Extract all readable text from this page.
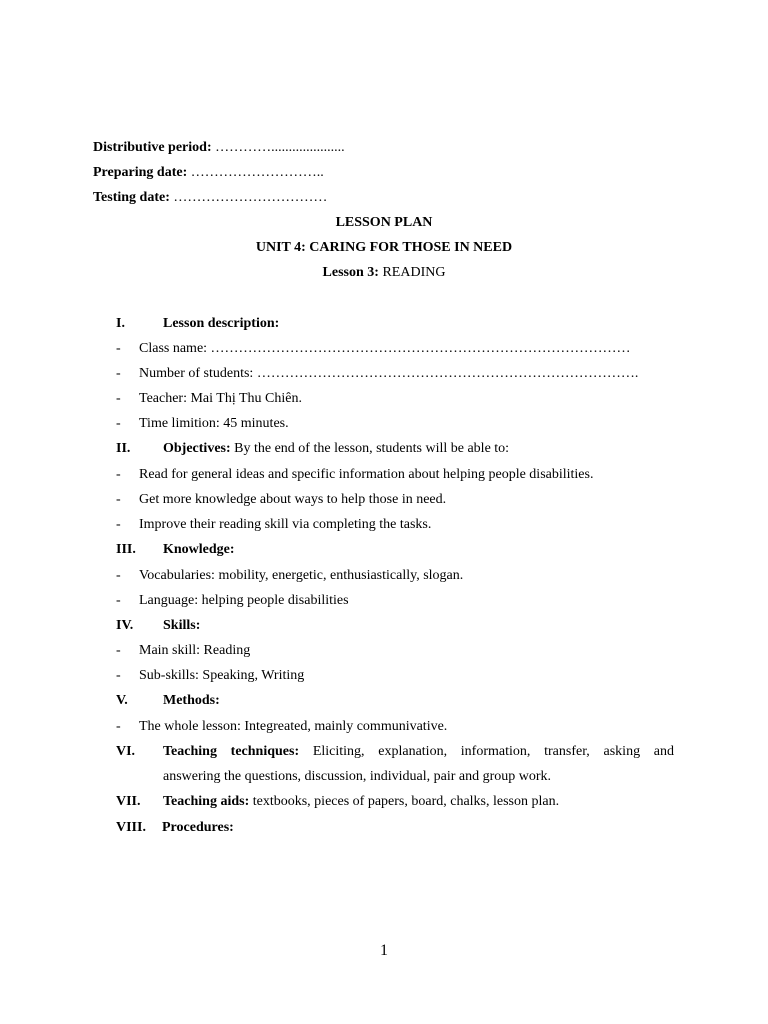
Distributive period: ………….....................
Preparing date: ………………………..
Testing date: ……………………………
LESSON PLAN
UNIT 4: CARING FOR THOSE IN NEED
Lesson 3: READING
I.	Lesson description:
- Class name: ………………………………………………………………………………
- Number of students: ……………………………………………………………………….
- Teacher: Mai Thị Thu Chiên.
- Time limition: 45 minutes.
II. Objectives: By the end of the lesson, students will be able to:
- Read for general ideas and specific information about helping people disabilities.
- Get more knowledge about ways to help those in need.
- Improve their reading skill via completing the tasks.
III. Knowledge:
- Vocabularies: mobility, energetic, enthusiastically, slogan.
- Language: helping people disabilities
IV. Skills:
- Main skill: Reading
- Sub-skills: Speaking, Writing
V.	Methods:
- The whole lesson: Integreated, mainly communivative.
VI. Teaching techniques: Eliciting, explanation, information, transfer, asking and
answering the questions, discussion, individual, pair and group work.
VII. Teaching aids: textbooks, pieces of papers, board, chalks, lesson plan.
VIII. Procedures:
1
